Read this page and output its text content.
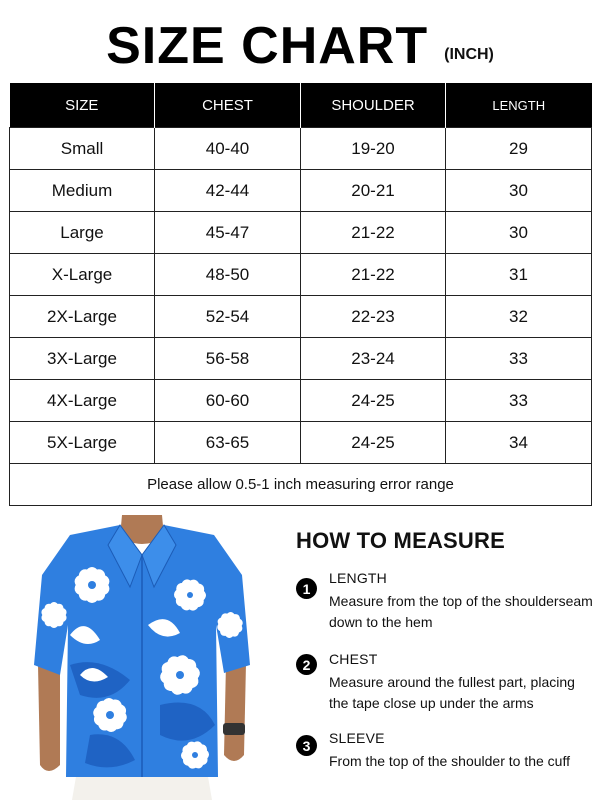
SIZE CHART (INCH)
SIZE	CHEST	SHOULDER	LENGTH
Small	40-40	19-20	29
Medium	42-44	20-21	30
Large	45-47	21-22	30
X-Large	48-50	21-22	31
2X-Large	52-54	22-23	32
3X-Large	56-58	23-24	33
4X-Large	60-60	24-25	33
5X-Large	63-65	24-25	34
Please allow 0.5-1 inch measuring error range			
HOW TO MEASURE
1
LENGTH
Measure from the top of the shoulderseam down to the hem
2	CHEST
Measure around the fullest part, placing the tape close up under the arms
3	SLEEVE
From the top of the shoulder to the cuff
